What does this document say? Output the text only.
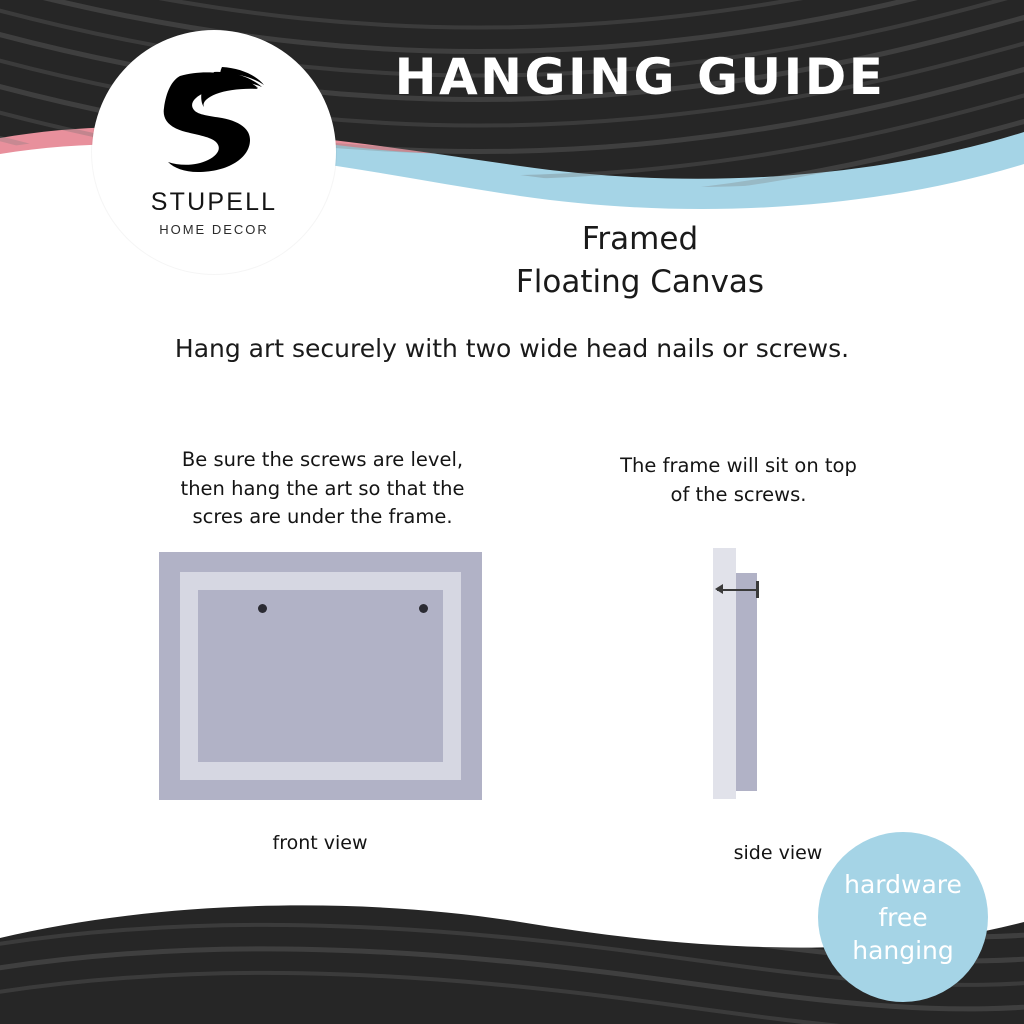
STUPELL
HOME DECOR
HANGING GUIDE
Framed
Floating Canvas
Hang art securely with two wide head nails or screws.
Be sure the screws are level,
then hang the art so that the
scres are under the frame.
The frame will sit on top
of the screws.
front view	side view
hardware
free
hanging
